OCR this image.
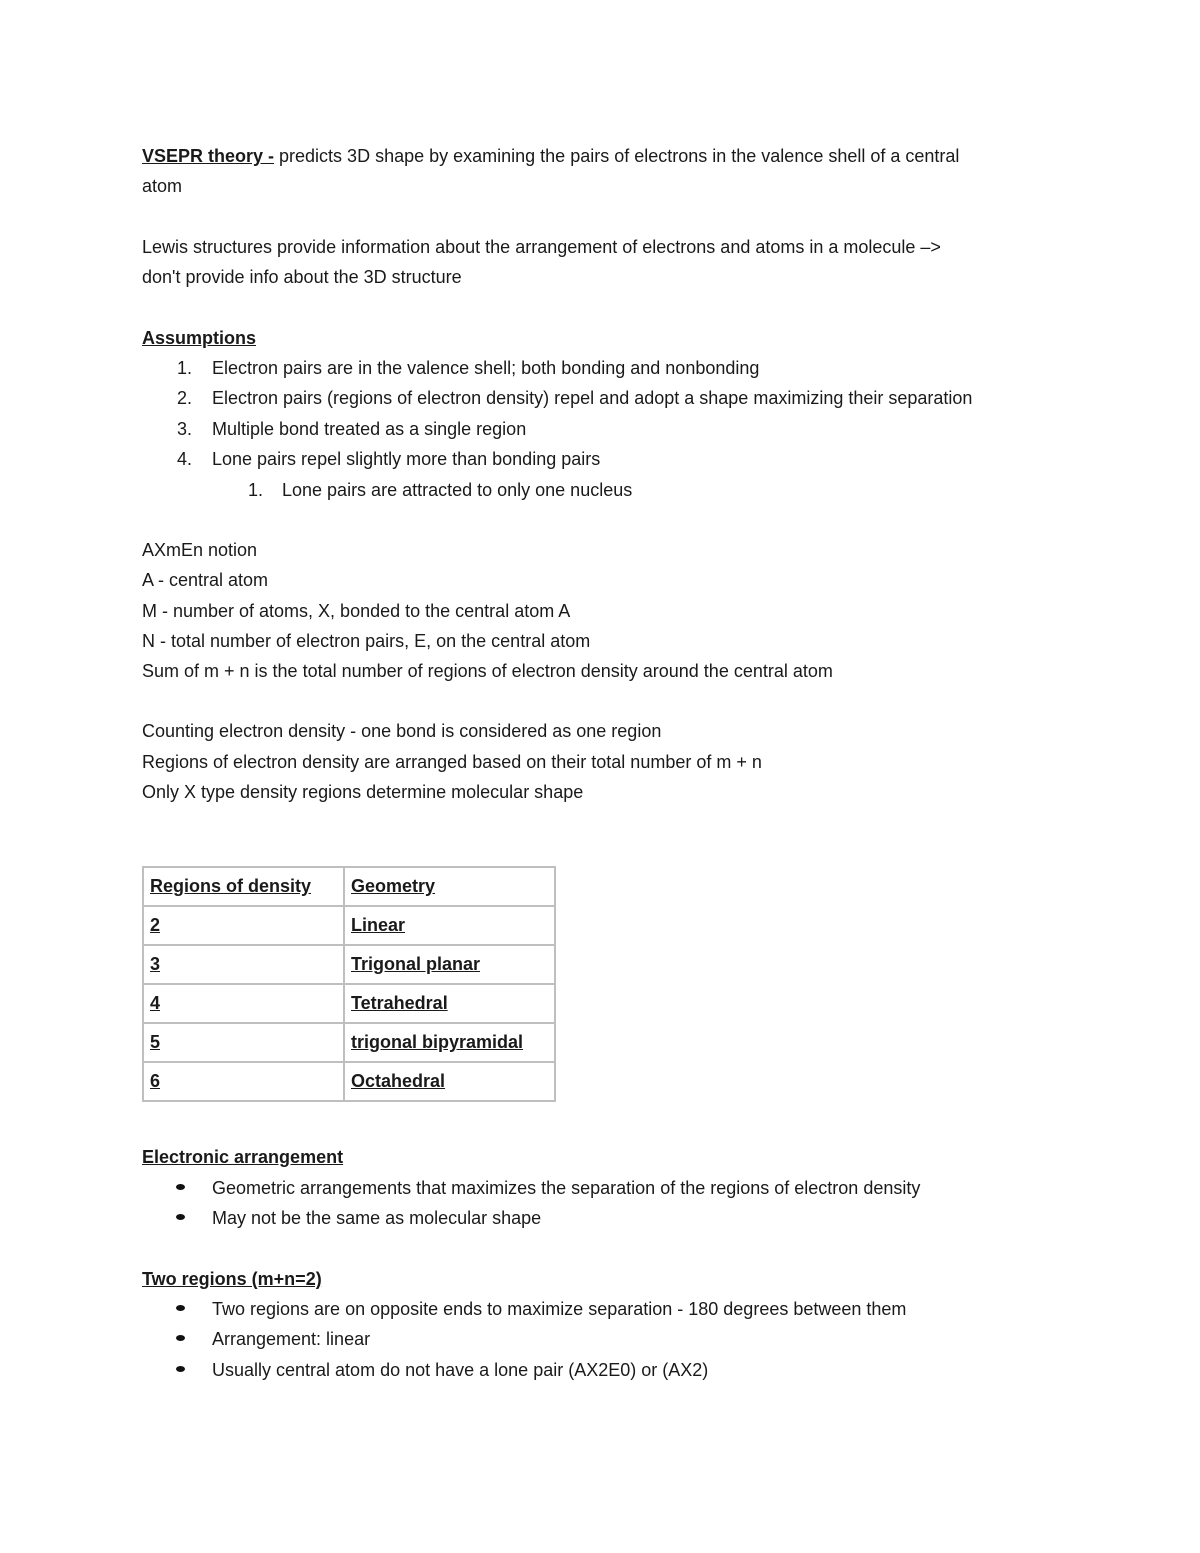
VSEPR theory - predicts 3D shape by examining the pairs of electrons in the valence shell of a central
atom
Lewis structures provide information about the arrangement of electrons and atoms in a molecule –>
don't provide info about the 3D structure
Assumptions
1. Electron pairs are in the valence shell; both bonding and nonbonding
2. Electron pairs (regions of electron density) repel and adopt a shape maximizing their separation
3. Multiple bond treated as a single region
4. Lone pairs repel slightly more than bonding pairs
1. Lone pairs are attracted to only one nucleus
AXmEn notion
A - central atom
M - number of atoms, X, bonded to the central atom A
N - total number of electron pairs, E, on the central atom
Sum of m + n is the total number of regions of electron density around the central atom
Counting electron density - one bond is considered as one region
Regions of electron density are arranged based on their total number of m + n
Only X type density regions determine molecular shape
Regions of density	Geometry
2	Linear
3	Trigonal planar
4	Tetrahedral
5	trigonal bipyramidal
6	Octahedral
Electronic arrangement
Geometric arrangements that maximizes the separation of the regions of electron density
May not be the same as molecular shape
Two regions (m+n=2)
Two regions are on opposite ends to maximize separation - 180 degrees between them
Arrangement: linear
Usually central atom do not have a lone pair (AX2E0) or (AX2)
